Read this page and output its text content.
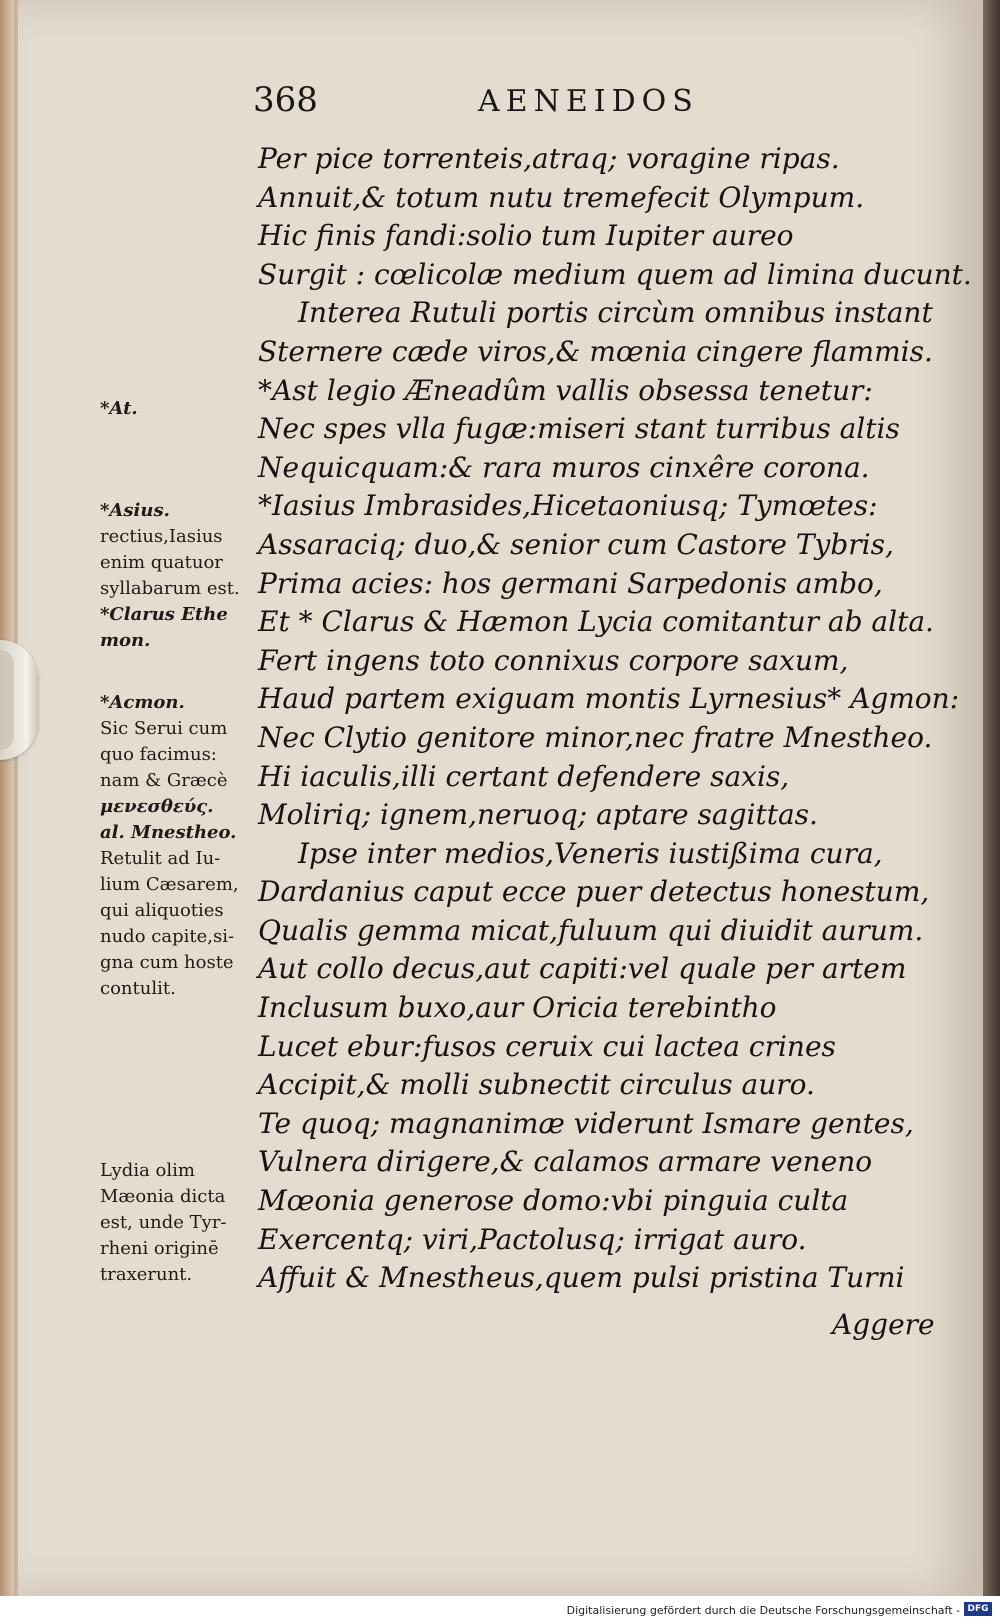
368	AENEIDOS
Per pice torrenteis,atraq; voragine ripas.
Annuit,& totum nutu tremefecit Olympum.
Hic finis fandi:solio tum Iupiter aureo
Surgit : cœlicolæ medium quem ad limina ducunt.
Interea Rutuli portis circùm omnibus instant
Sternere cæde viros,& mœnia cingere flammis.
*Ast legio Æneadûm vallis obsessa tenetur:
Nec spes vlla fugæ:miseri stant turribus altis
Nequicquam:& rara muros cinxêre corona.
*Iasius Imbrasides,Hicetaoniusq; Tymœtes:
Assaraciq; duo,& senior cum Castore Tybris,
Prima acies: hos germani Sarpedonis ambo,
Et * Clarus & Hæmon Lycia comitantur ab alta.
Fert ingens toto connixus corpore saxum,
Haud partem exiguam montis Lyrnesius* Agmon:
Nec Clytio genitore minor,nec fratre Mnestheo.
Hi iaculis,illi certant defendere saxis,
Moliriq; ignem,neruoq; aptare sagittas.
Ipse inter medios,Veneris iustißima cura,
Dardanius caput ecce puer detectus honestum,
Qualis gemma micat,fuluum qui diuidit aurum.
Aut collo decus,aut capiti:vel quale per artem
Inclusum buxo,aur Oricia terebintho
Lucet ebur:fusos ceruix cui lactea crines
Accipit,& molli subnectit circulus auro.
Te quoq; magnanimæ viderunt Ismare gentes,
Vulnera dirigere,& calamos armare veneno
Mœonia generose domo:vbi pinguia culta
Exercentq; viri,Pactolusq; irrigat auro.
Affuit & Mnestheus,quem pulsi pristina Turni
Aggere
*At.
*Asius.
rectius,Iasius
enim quatuor
syllabarum est.
*Clarus Ethe
mon.
*Acmon.
Sic Serui cum
quo facimus:
nam & Græcè
μενεσθεύς.
al. Mnestheo.
Retulit ad Iu-
lium Cæsarem,
qui aliquoties
nudo capite,si-
gna cum hoste
contulit.
Lydia olim
Mæonia dicta
est, unde Tyr-
rheni originē
traxerunt.
Digitalisierung gefördert durch die Deutsche Forschungsgemeinschaft - DFG
